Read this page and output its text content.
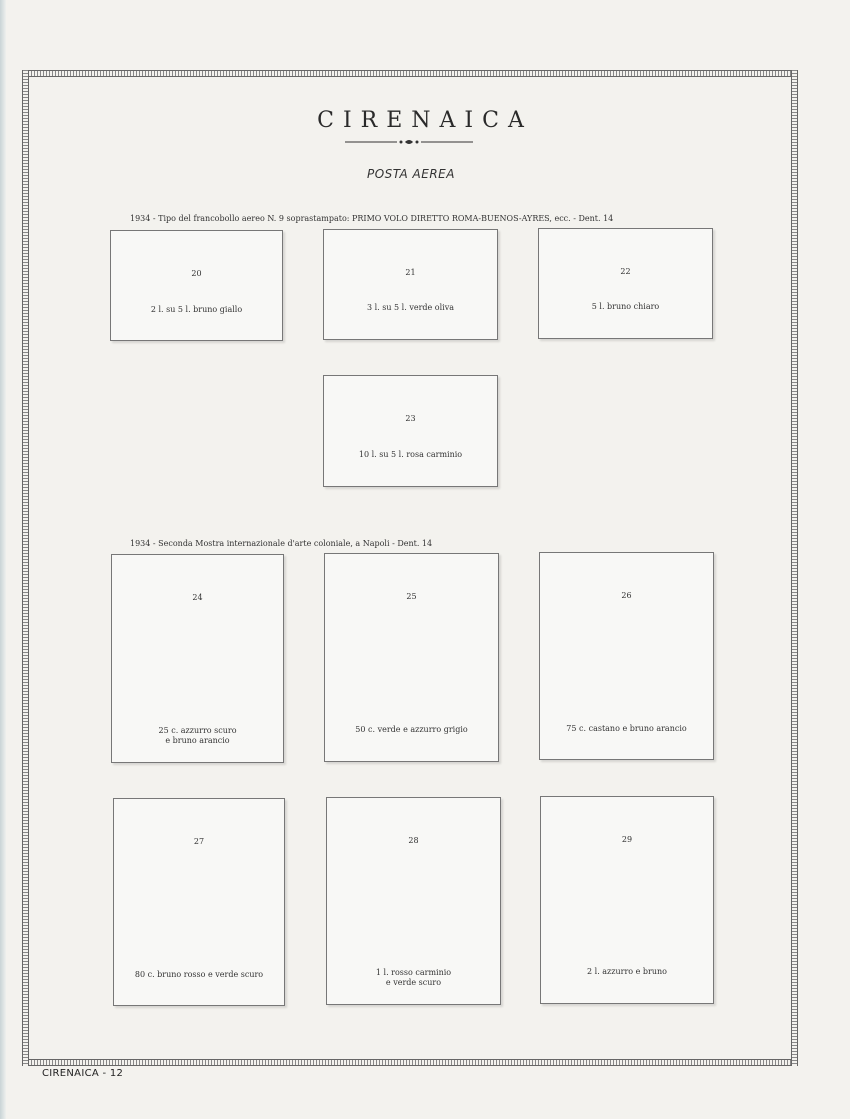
CIRENAICA
POSTA AEREA
1934 - Tipo del francobollo aereo N. 9 soprastampato: PRIMO VOLO DIRETTO ROMA-BUENOS-AYRES, ecc. - Dent. 14
20
2 l. su 5 l. bruno giallo
21
3 l. su 5 l. verde oliva
22
5 l. bruno chiaro
23
10 l. su 5 l. rosa carminio
1934 - Seconda Mostra internazionale d'arte coloniale, a Napoli - Dent. 14
24
25 c. azzurro scuro
e bruno arancio
25
50 c. verde e azzurro grigio
26
75 c. castano e bruno arancio
27
80 c. bruno rosso e verde scuro
28
1 l. rosso carminio
e verde scuro
29
2 l. azzurro e bruno
CIRENAICA - 12
